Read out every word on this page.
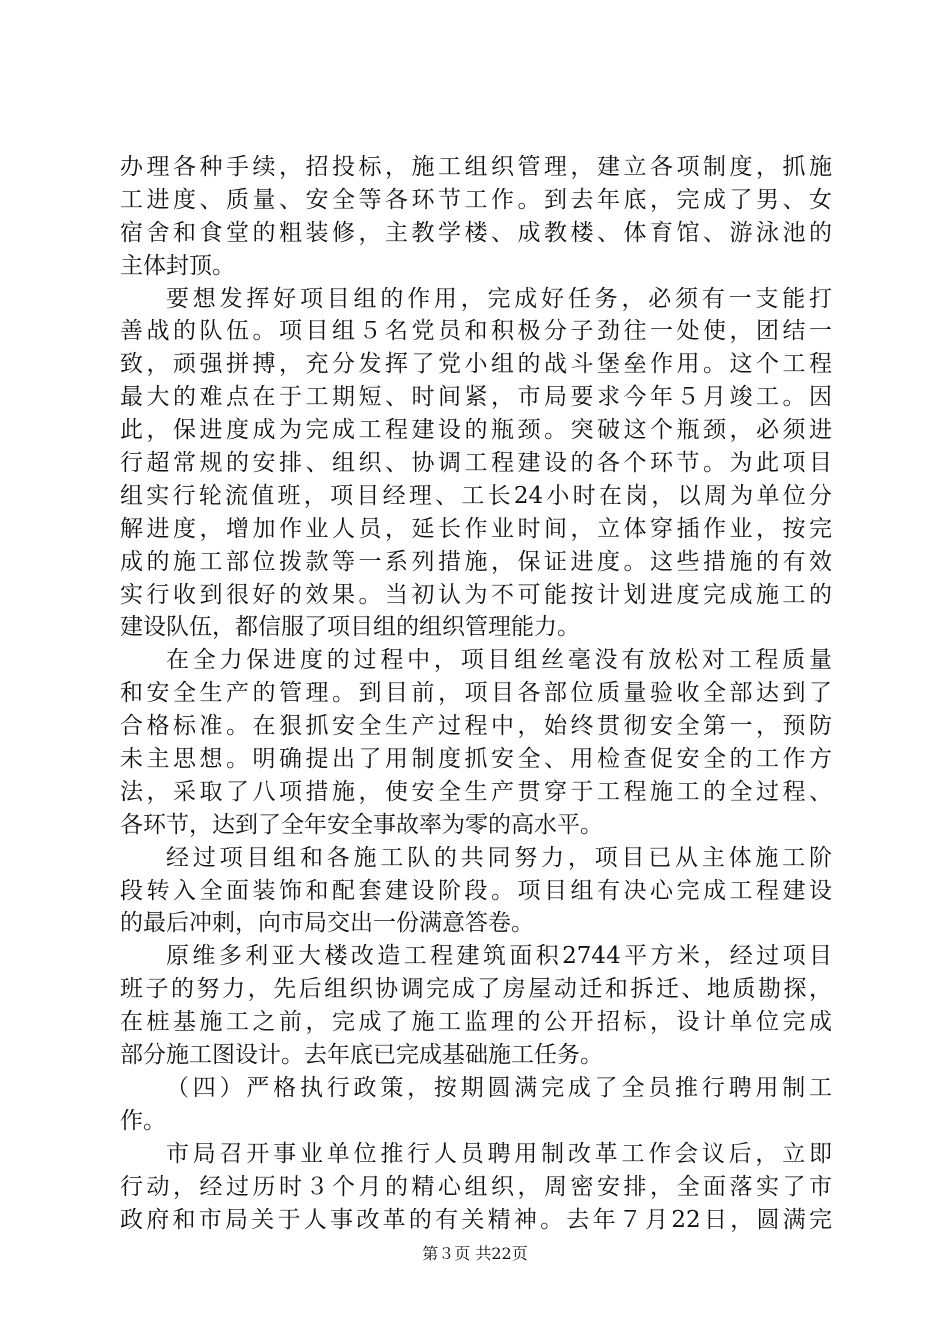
办理各种手续，招投标，施工组织管理，建立各项制度，抓施
工进度、质量、安全等各环节工作。到去年底，完成了男、女
宿舍和食堂的粗装修，主教学楼、成教楼、体育馆、游泳池的
主体封顶。
要想发挥好项目组的作用，完成好任务，必须有一支能打
善战的队伍。项目组５名党员和积极分子劲往一处使，团结一
致，顽强拼搏，充分发挥了党小组的战斗堡垒作用。这个工程
最大的难点在于工期短、时间紧，市局要求今年５月竣工。因
此，保进度成为完成工程建设的瓶颈。突破这个瓶颈，必须进
行超常规的安排、组织、协调工程建设的各个环节。为此项目
组实行轮流值班，项目经理、工长24小时在岗，以周为单位分
解进度，增加作业人员，延长作业时间，立体穿插作业，按完
成的施工部位拨款等一系列措施，保证进度。这些措施的有效
实行收到很好的效果。当初认为不可能按计划进度完成施工的
建设队伍，都信服了项目组的组织管理能力。
在全力保进度的过程中，项目组丝毫没有放松对工程质量
和安全生产的管理。到目前，项目各部位质量验收全部达到了
合格标准。在狠抓安全生产过程中，始终贯彻安全第一，预防
未主思想。明确提出了用制度抓安全、用检查促安全的工作方
法，采取了八项措施，使安全生产贯穿于工程施工的全过程、
各环节，达到了全年安全事故率为零的高水平。
经过项目组和各施工队的共同努力，项目已从主体施工阶
段转入全面装饰和配套建设阶段。项目组有决心完成工程建设
的最后冲刺，向市局交出一份满意答卷。
原维多利亚大楼改造工程建筑面积2744平方米，经过项目
班子的努力，先后组织协调完成了房屋动迁和拆迁、地质勘探，
在桩基施工之前，完成了施工监理的公开招标，设计单位完成
部分施工图设计。去年底已完成基础施工任务。
（四）严格执行政策，按期圆满完成了全员推行聘用制工
作。
市局召开事业单位推行人员聘用制改革工作会议后，立即
行动，经过历时３个月的精心组织，周密安排，全面落实了市
政府和市局关于人事改革的有关精神。去年７月22日，圆满完
第３页 共22页
